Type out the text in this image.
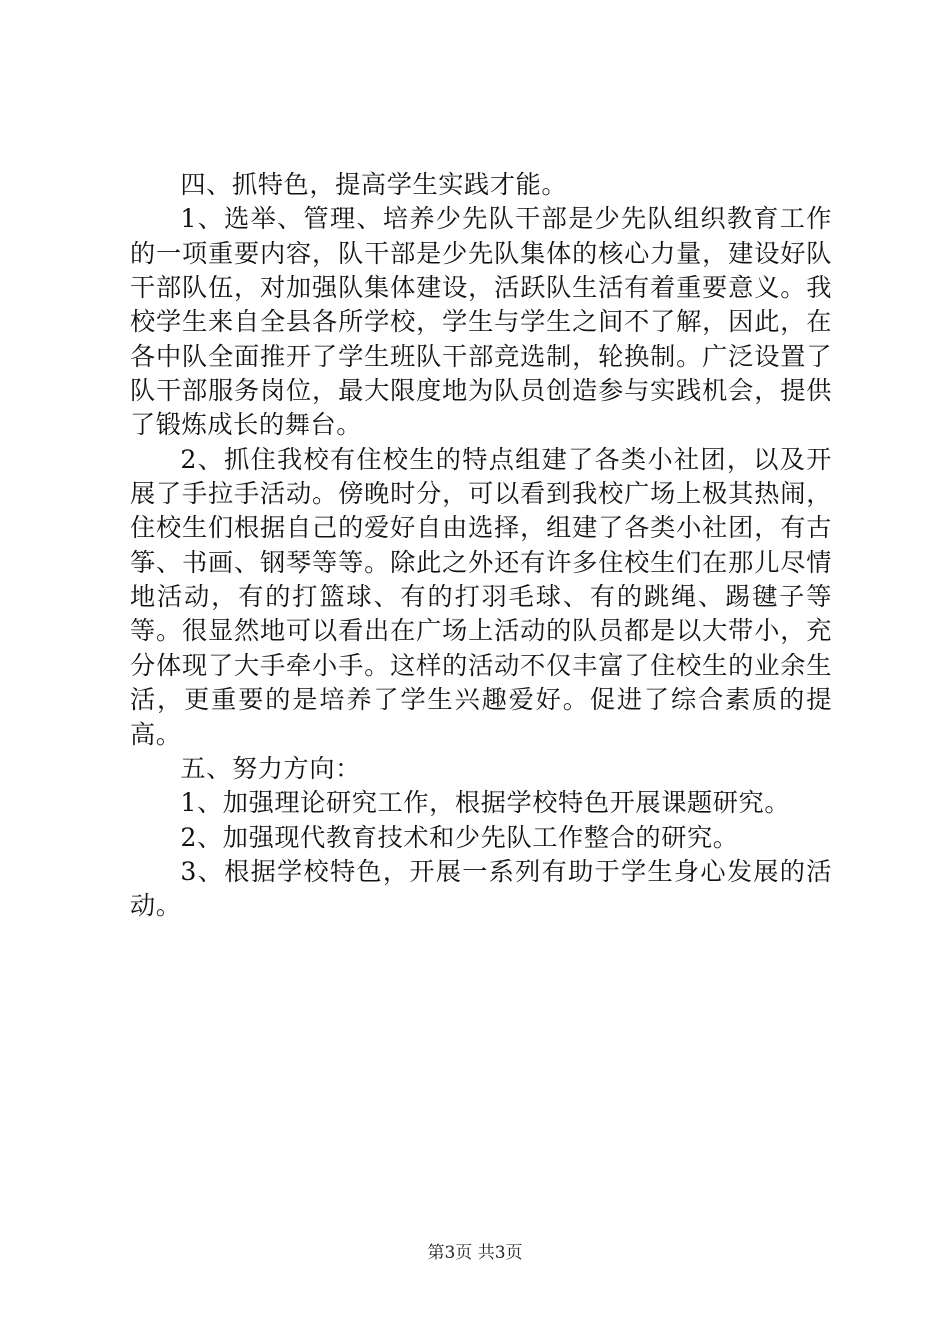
四、抓特色，提高学生实践才能。

1、选举、管理、培养少先队干部是少先队组织教育工作的一项重要内容，队干部是少先队集体的核心力量，建设好队干部队伍，对加强队集体建设，活跃队生活有着重要意义。我校学生来自全县各所学校，学生与学生之间不了解，因此，在各中队全面推开了学生班队干部竞选制，轮换制。广泛设置了队干部服务岗位，最大限度地为队员创造参与实践机会，提供了锻炼成长的舞台。

2、抓住我校有住校生的特点组建了各类小社团，以及开展了手拉手活动。傍晚时分，可以看到我校广场上极其热闹，住校生们根据自己的爱好自由选择，组建了各类小社团，有古筝、书画、钢琴等等。除此之外还有许多住校生们在那儿尽情地活动，有的打篮球、有的打羽毛球、有的跳绳、踢毽子等等。很显然地可以看出在广场上活动的队员都是以大带小，充分体现了大手牵小手。这样的活动不仅丰富了住校生的业余生活，更重要的是培养了学生兴趣爱好。促进了综合素质的提高。

五、努力方向：

1、加强理论研究工作，根据学校特色开展课题研究。

2、加强现代教育技术和少先队工作整合的研究。

3、根据学校特色，开展一系列有助于学生身心发展的活动。

第3页 共3页
